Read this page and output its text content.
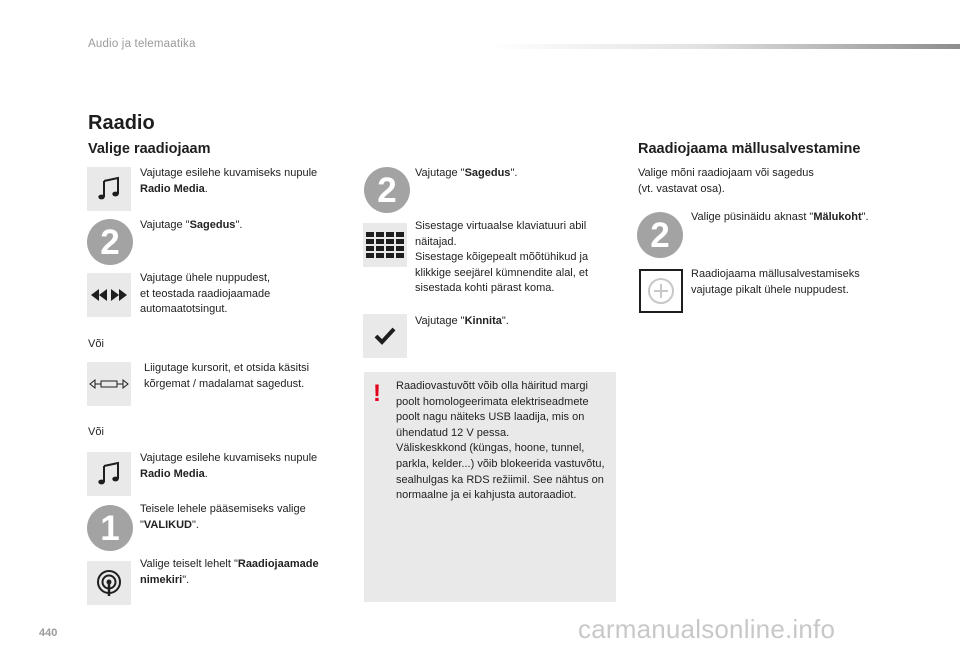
Audio ja telemaatika
Raadio
Valige raadiojaam	Raadiojaama mällusalvestamine
Vajutage esilehe kuvamiseks nupule Radio Media.
2	Vajutage "Sagedus".
Vajutage ühele nuppudest,
et teostada raadiojaamade automaatotsingut.
Või
Liigutage kursorit, et otsida käsitsi kõrgemat / madalamat sagedust.
Või
Vajutage esilehe kuvamiseks nupule Radio Media.
1	Teisele lehele pääsemiseks valige "VALIKUD".
Valige teiselt lehelt "Raadiojaamade nimekiri".
2	Vajutage "Sagedus".
Sisestage virtuaalse klaviatuuri abil näitajad.
Sisestage kõigepealt mõõtühikud ja klikkige seejärel kümnendite alal, et sisestada kohti pärast koma.
Vajutage "Kinnita".
! Raadiovastuvõtt võib olla häiritud margi poolt homologeerimata elektriseadmete poolt nagu näiteks USB laadija, mis on ühendatud 12 V pessa.
Väliskeskkond (küngas, hoone, tunnel, parkla, kelder...) võib blokeerida vastuvõtu, sealhulgas ka RDS režiimil. See nähtus on normaalne ja ei kahjusta autoraadiot.
Valige mõni raadiojaam või sagedus
(vt. vastavat osa).
2	Valige püsinäidu aknast "Mälukoht".
Raadiojaama mällusalvestamiseks vajutage pikalt ühele nuppudest.
440	carmanualsonline.info
